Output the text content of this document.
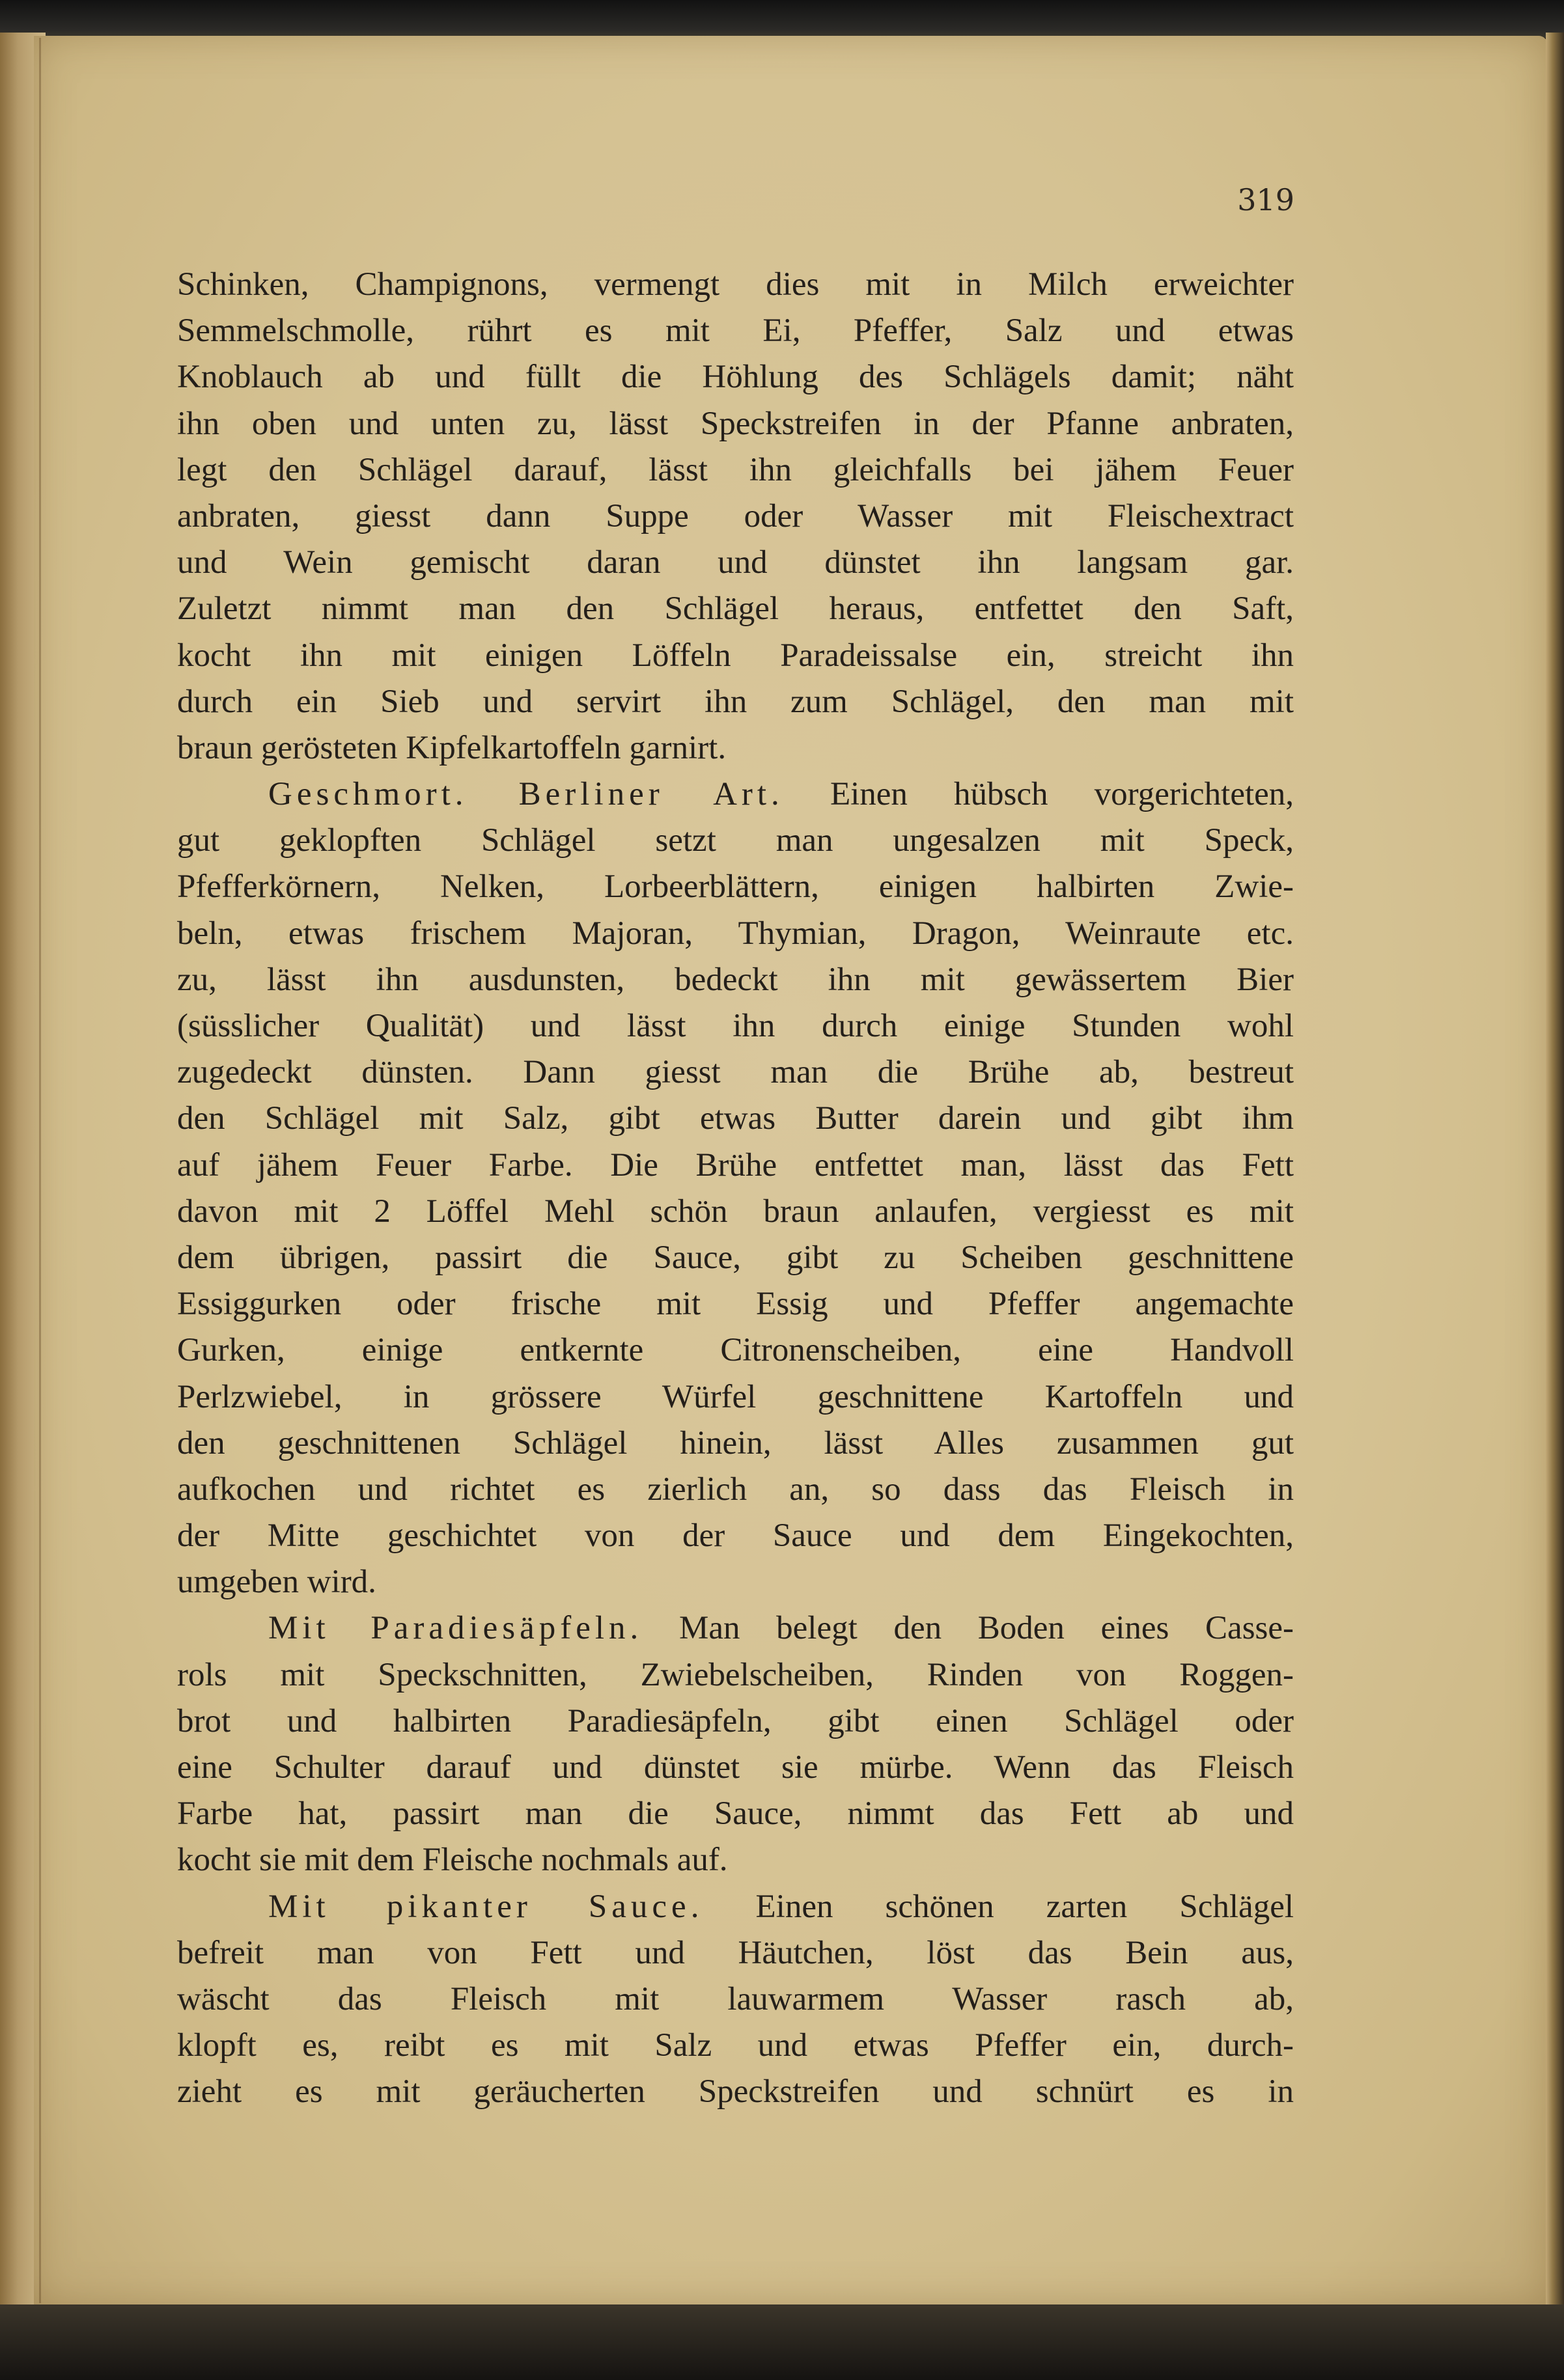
319
Schinken, Champignons, vermengt dies mit in Milch erweichter
Semmelschmolle, rührt es mit Ei, Pfeffer, Salz und etwas
Knoblauch ab und füllt die Höhlung des Schlägels damit; näht
ihn oben und unten zu, lässt Speckstreifen in der Pfanne anbraten,
legt den Schlägel darauf, lässt ihn gleichfalls bei jähem Feuer
anbraten, giesst dann Suppe oder Wasser mit Fleischextract
und Wein gemischt daran und dünstet ihn langsam gar.
Zuletzt nimmt man den Schlägel heraus, entfettet den Saft,
kocht ihn mit einigen Löffeln Paradeissalse ein, streicht ihn
durch ein Sieb und servirt ihn zum Schlägel, den man mit
braun gerösteten Kipfelkartoffeln garnirt.
Geschmort. Berliner Art. Einen hübsch vorgerichteten,
gut geklopften Schlägel setzt man ungesalzen mit Speck,
Pfefferkörnern, Nelken, Lorbeerblättern, einigen halbirten Zwie-
beln, etwas frischem Majoran, Thymian, Dragon, Weinraute etc.
zu, lässt ihn ausdunsten, bedeckt ihn mit gewässertem Bier
(süsslicher Qualität) und lässt ihn durch einige Stunden wohl
zugedeckt dünsten. Dann giesst man die Brühe ab, bestreut
den Schlägel mit Salz, gibt etwas Butter darein und gibt ihm
auf jähem Feuer Farbe. Die Brühe entfettet man, lässt das Fett
davon mit 2 Löffel Mehl schön braun anlaufen, vergiesst es mit
dem übrigen, passirt die Sauce, gibt zu Scheiben geschnittene
Essiggurken oder frische mit Essig und Pfeffer angemachte
Gurken, einige entkernte Citronenscheiben, eine Handvoll
Perlzwiebel, in grössere Würfel geschnittene Kartoffeln und
den geschnittenen Schlägel hinein, lässt Alles zusammen gut
aufkochen und richtet es zierlich an, so dass das Fleisch in
der Mitte geschichtet von der Sauce und dem Eingekochten,
umgeben wird.
Mit Paradiesäpfeln. Man belegt den Boden eines Casse-
rols mit Speckschnitten, Zwiebelscheiben, Rinden von Roggen-
brot und halbirten Paradiesäpfeln, gibt einen Schlägel oder
eine Schulter darauf und dünstet sie mürbe. Wenn das Fleisch
Farbe hat, passirt man die Sauce, nimmt das Fett ab und
kocht sie mit dem Fleische nochmals auf.
Mit pikanter Sauce. Einen schönen zarten Schlägel
befreit man von Fett und Häutchen, löst das Bein aus,
wäscht das Fleisch mit lauwarmem Wasser rasch ab,
klopft es, reibt es mit Salz und etwas Pfeffer ein, durch-
zieht es mit geräucherten Speckstreifen und schnürt es in
